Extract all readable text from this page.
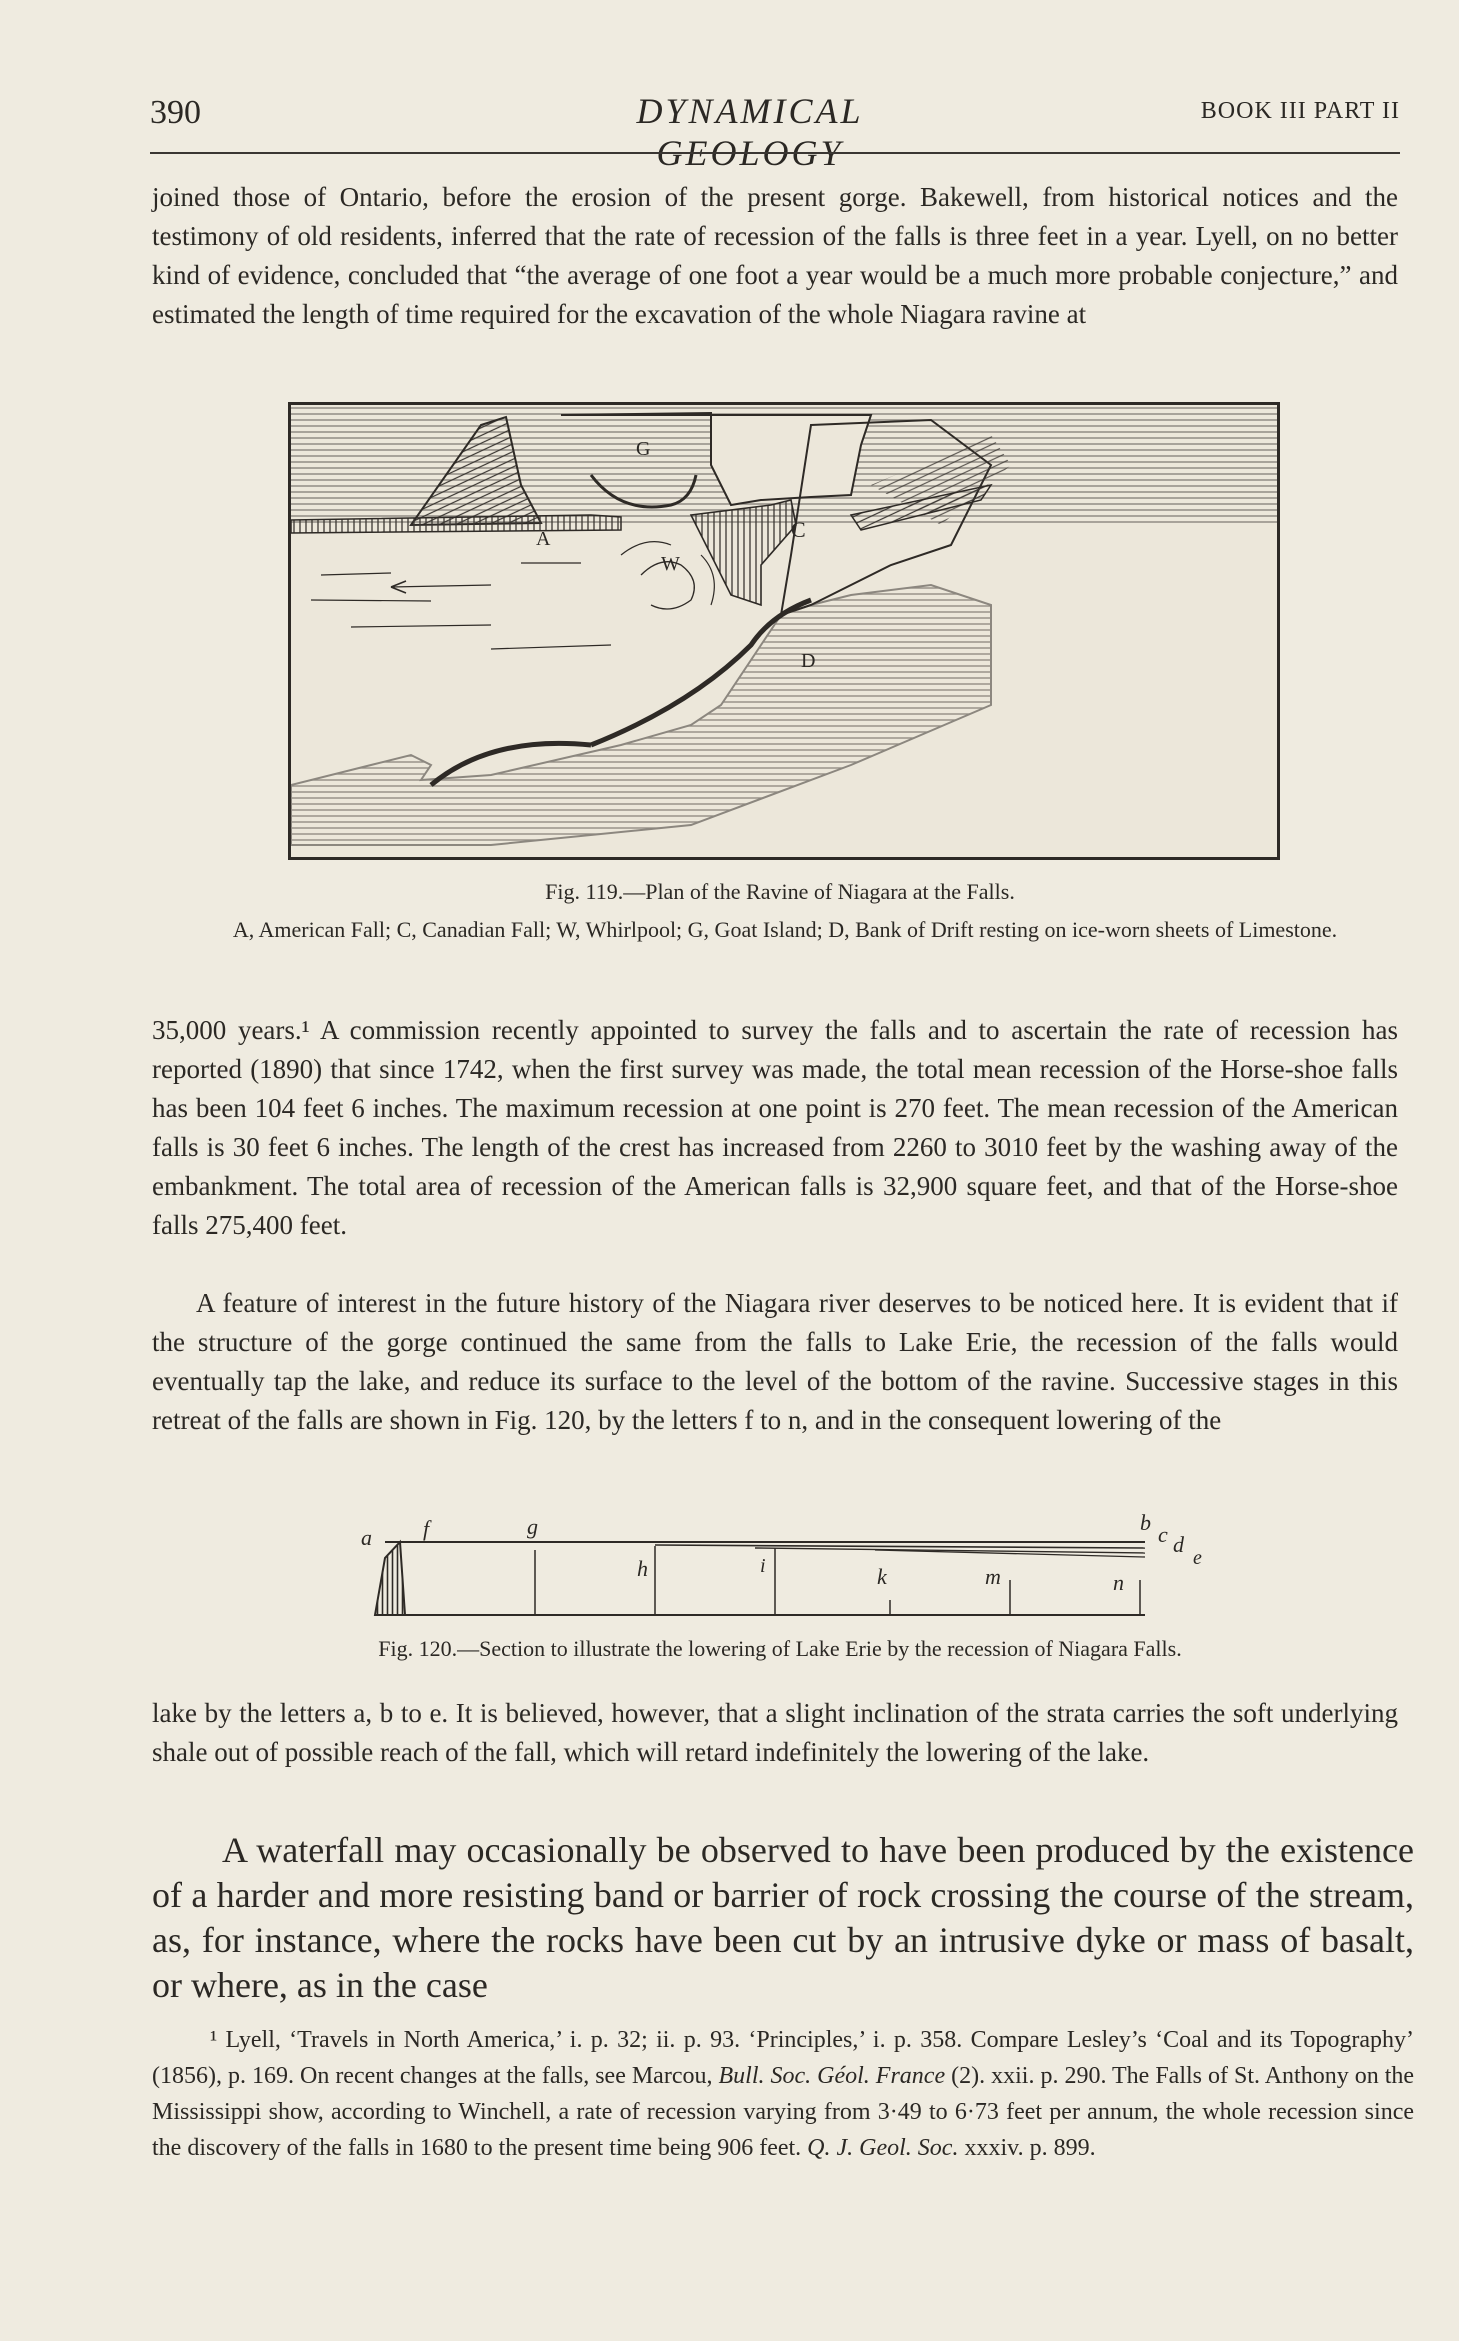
390	DYNAMICAL GEOLOGY
BOOK III PART II

joined those of Ontario, before the erosion of the present gorge. Bakewell, from historical notices and the testimony of old residents, inferred that the rate of recession of the falls is three feet in a year. Lyell, on no better kind of evidence, concluded that “the average of one foot a year would be a much more probable conjecture,” and estimated the length of time required for the excavation of the whole Niagara ravine at

A
G
C
W
D

Fig. 119.—Plan of the Ravine of Niagara at the Falls.

A, American Fall; C, Canadian Fall; W, Whirlpool; G, Goat Island; D, Bank of Drift resting on ice-worn sheets of Limestone.

35,000 years.¹ A commission recently appointed to survey the falls and to ascertain the rate of recession has reported (1890) that since 1742, when the first survey was made, the total mean recession of the Horse-shoe falls has been 104 feet 6 inches. The maximum recession at one point is 270 feet. The mean recession of the American falls is 30 feet 6 inches. The length of the crest has increased from 2260 to 3010 feet by the washing away of the embankment. The total area of recession of the American falls is 32,900 square feet, and that of the Horse-shoe falls 275,400 feet.

A feature of interest in the future history of the Niagara river deserves to be noticed here. It is evident that if the structure of the gorge continued the same from the falls to Lake Erie, the recession of the falls would eventually tap the lake, and reduce its surface to the level of the bottom of the ravine. Successive stages in this retreat of the falls are shown in Fig. 120, by the letters f to n, and in the consequent lowering of the

a f	g
h	i	k	m	n
b c d
e

Fig. 120.—Section to illustrate the lowering of Lake Erie by the recession of Niagara Falls.

lake by the letters a, b to e. It is believed, however, that a slight inclination of the strata carries the soft underlying shale out of possible reach of the fall, which will retard indefinitely the lowering of the lake.

A waterfall may occasionally be observed to have been produced by the existence of a harder and more resisting band or barrier of rock crossing the course of the stream, as, for instance, where the rocks have been cut by an intrusive dyke or mass of basalt, or where, as in the case

¹ Lyell, ‘Travels in North America,’ i. p. 32; ii. p. 93. ‘Principles,’ i. p. 358. Compare Lesley’s ‘Coal and its Topography’ (1856), p. 169. On recent changes at the falls, see Marcou, Bull. Soc. Géol. France (2). xxii. p. 290. The Falls of St. Anthony on the Mississippi show, according to Winchell, a rate of recession varying from 3·49 to 6·73 feet per annum, the whole recession since the discovery of the falls in 1680 to the present time being 906 feet. Q. J. Geol. Soc. xxxiv. p. 899.
